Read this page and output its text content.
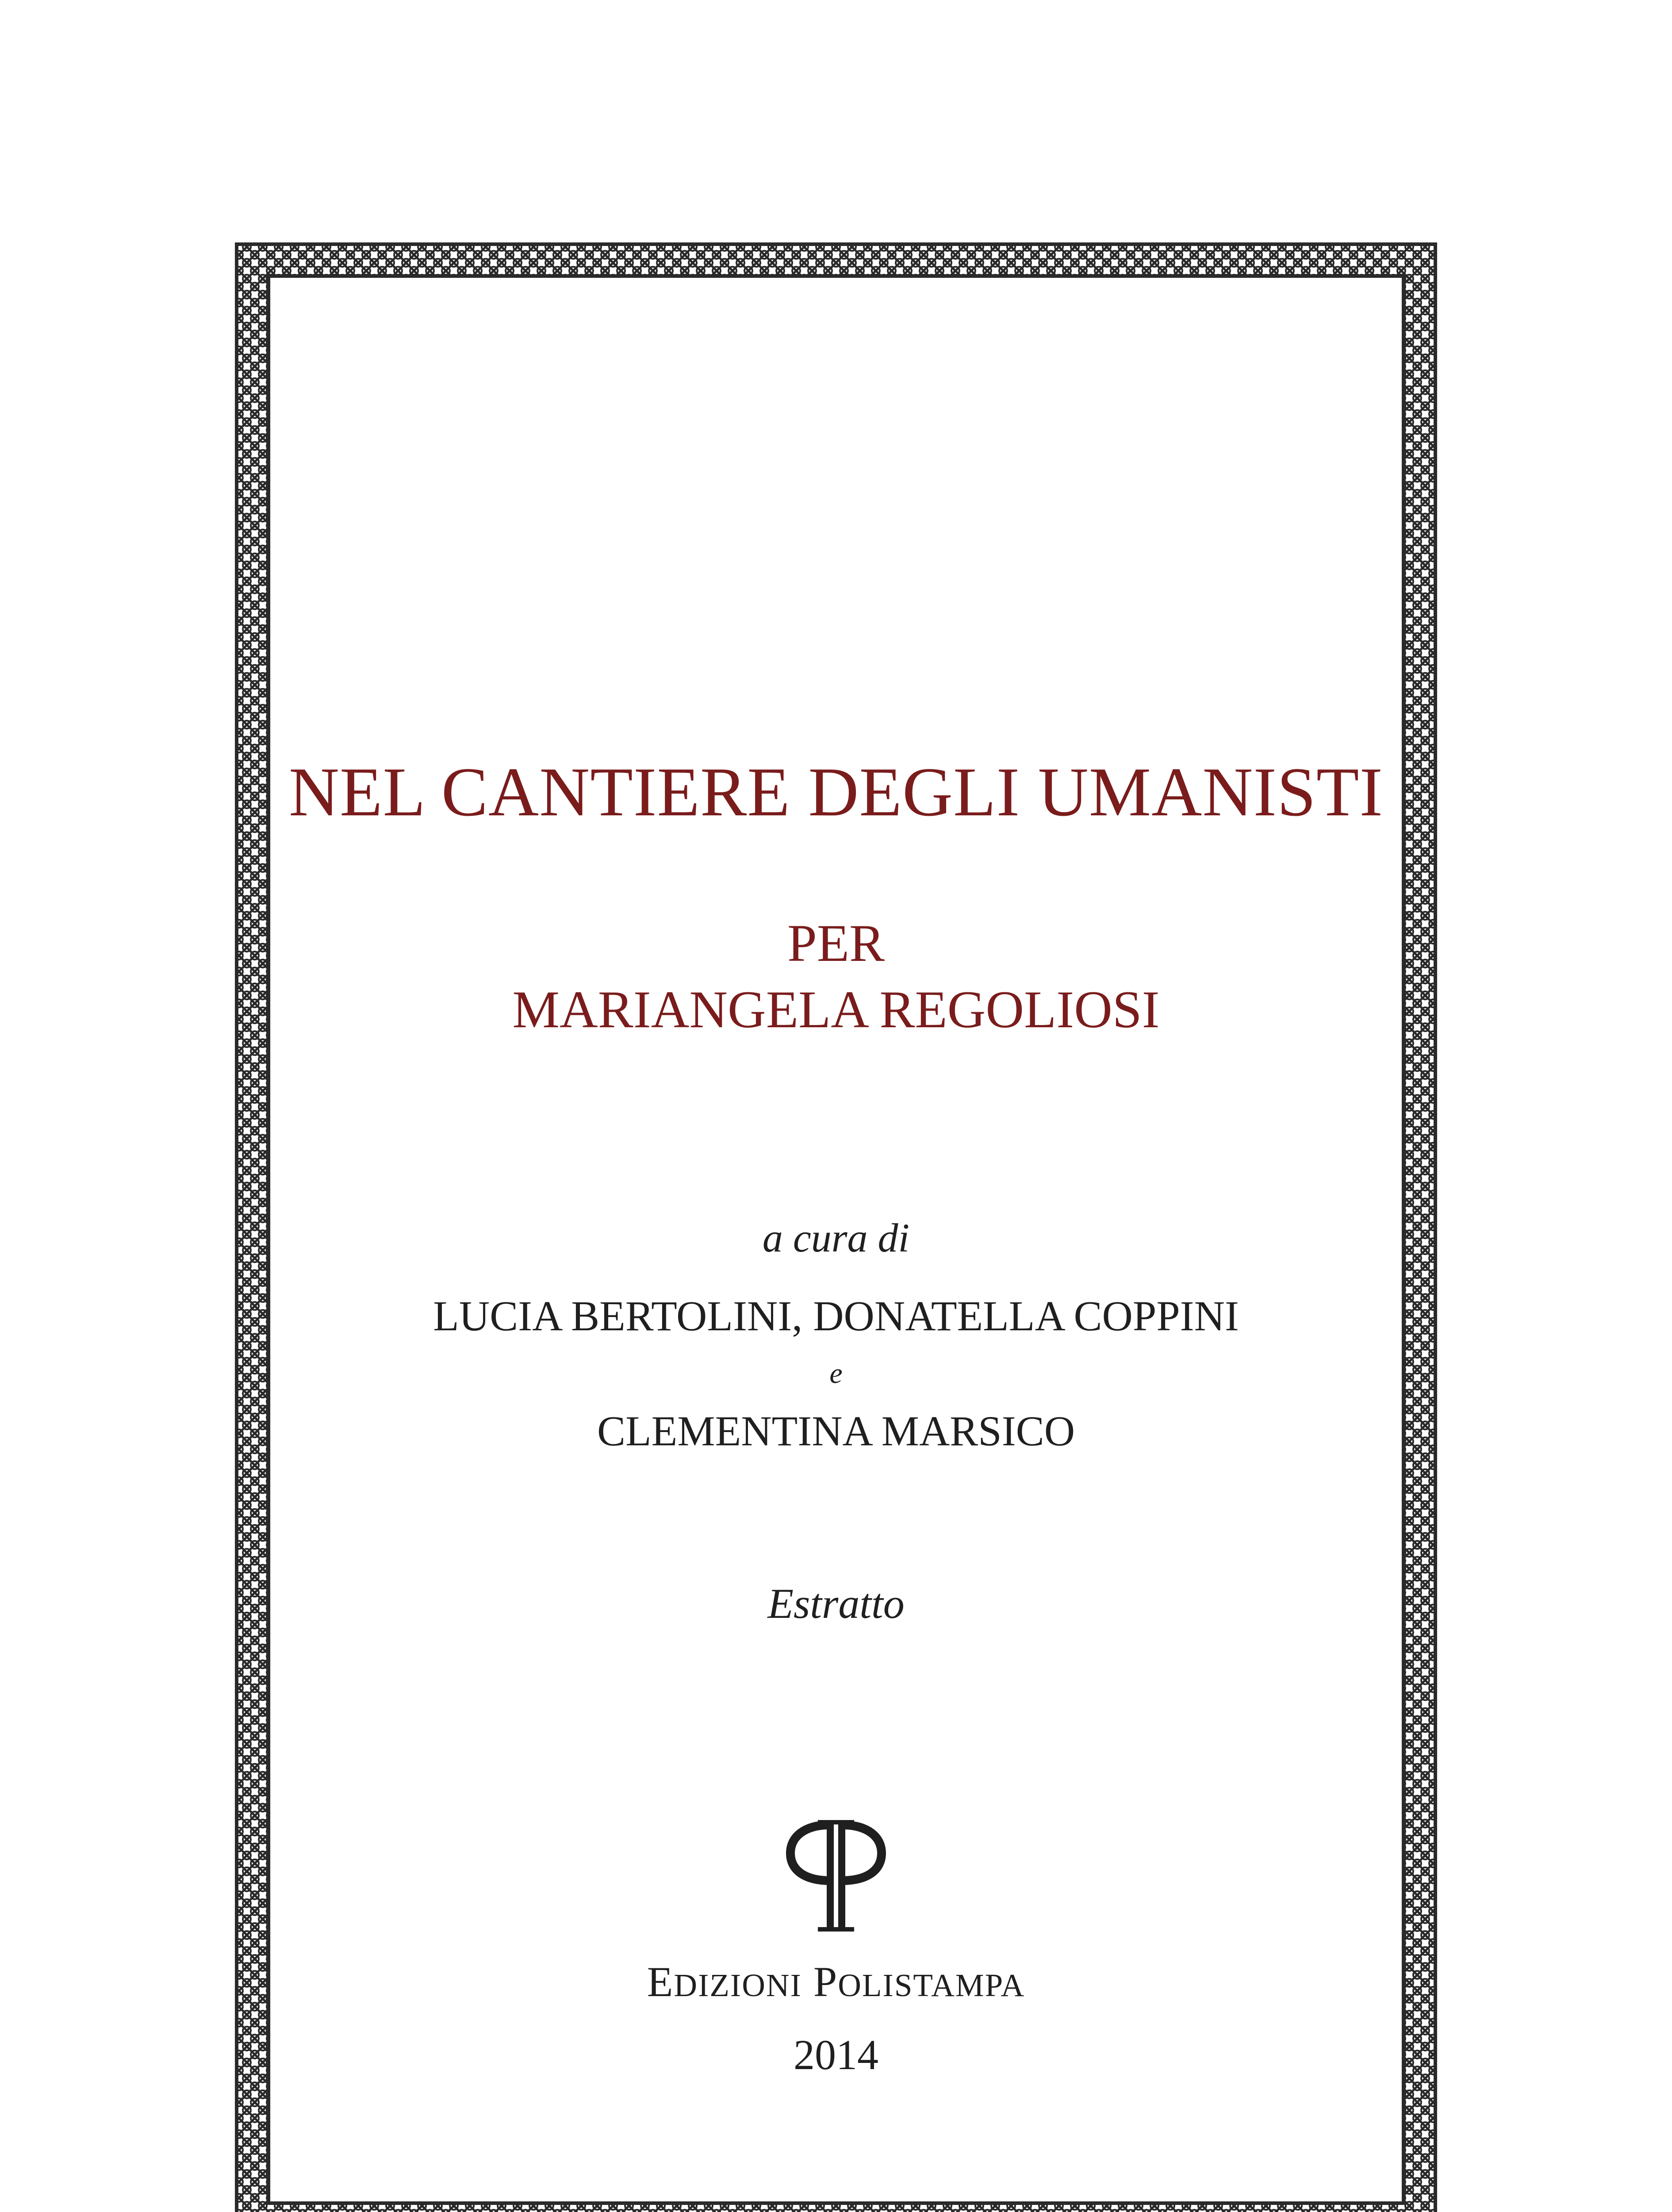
NEL CANTIERE DEGLI UMANISTI
PER
MARIANGELA REGOLIOSI
a cura di
LUCIA BERTOLINI, DONATELLA COPPINI
e
CLEMENTINA MARSICO
Estratto
EDIZIONI POLISTAMPA
2014
